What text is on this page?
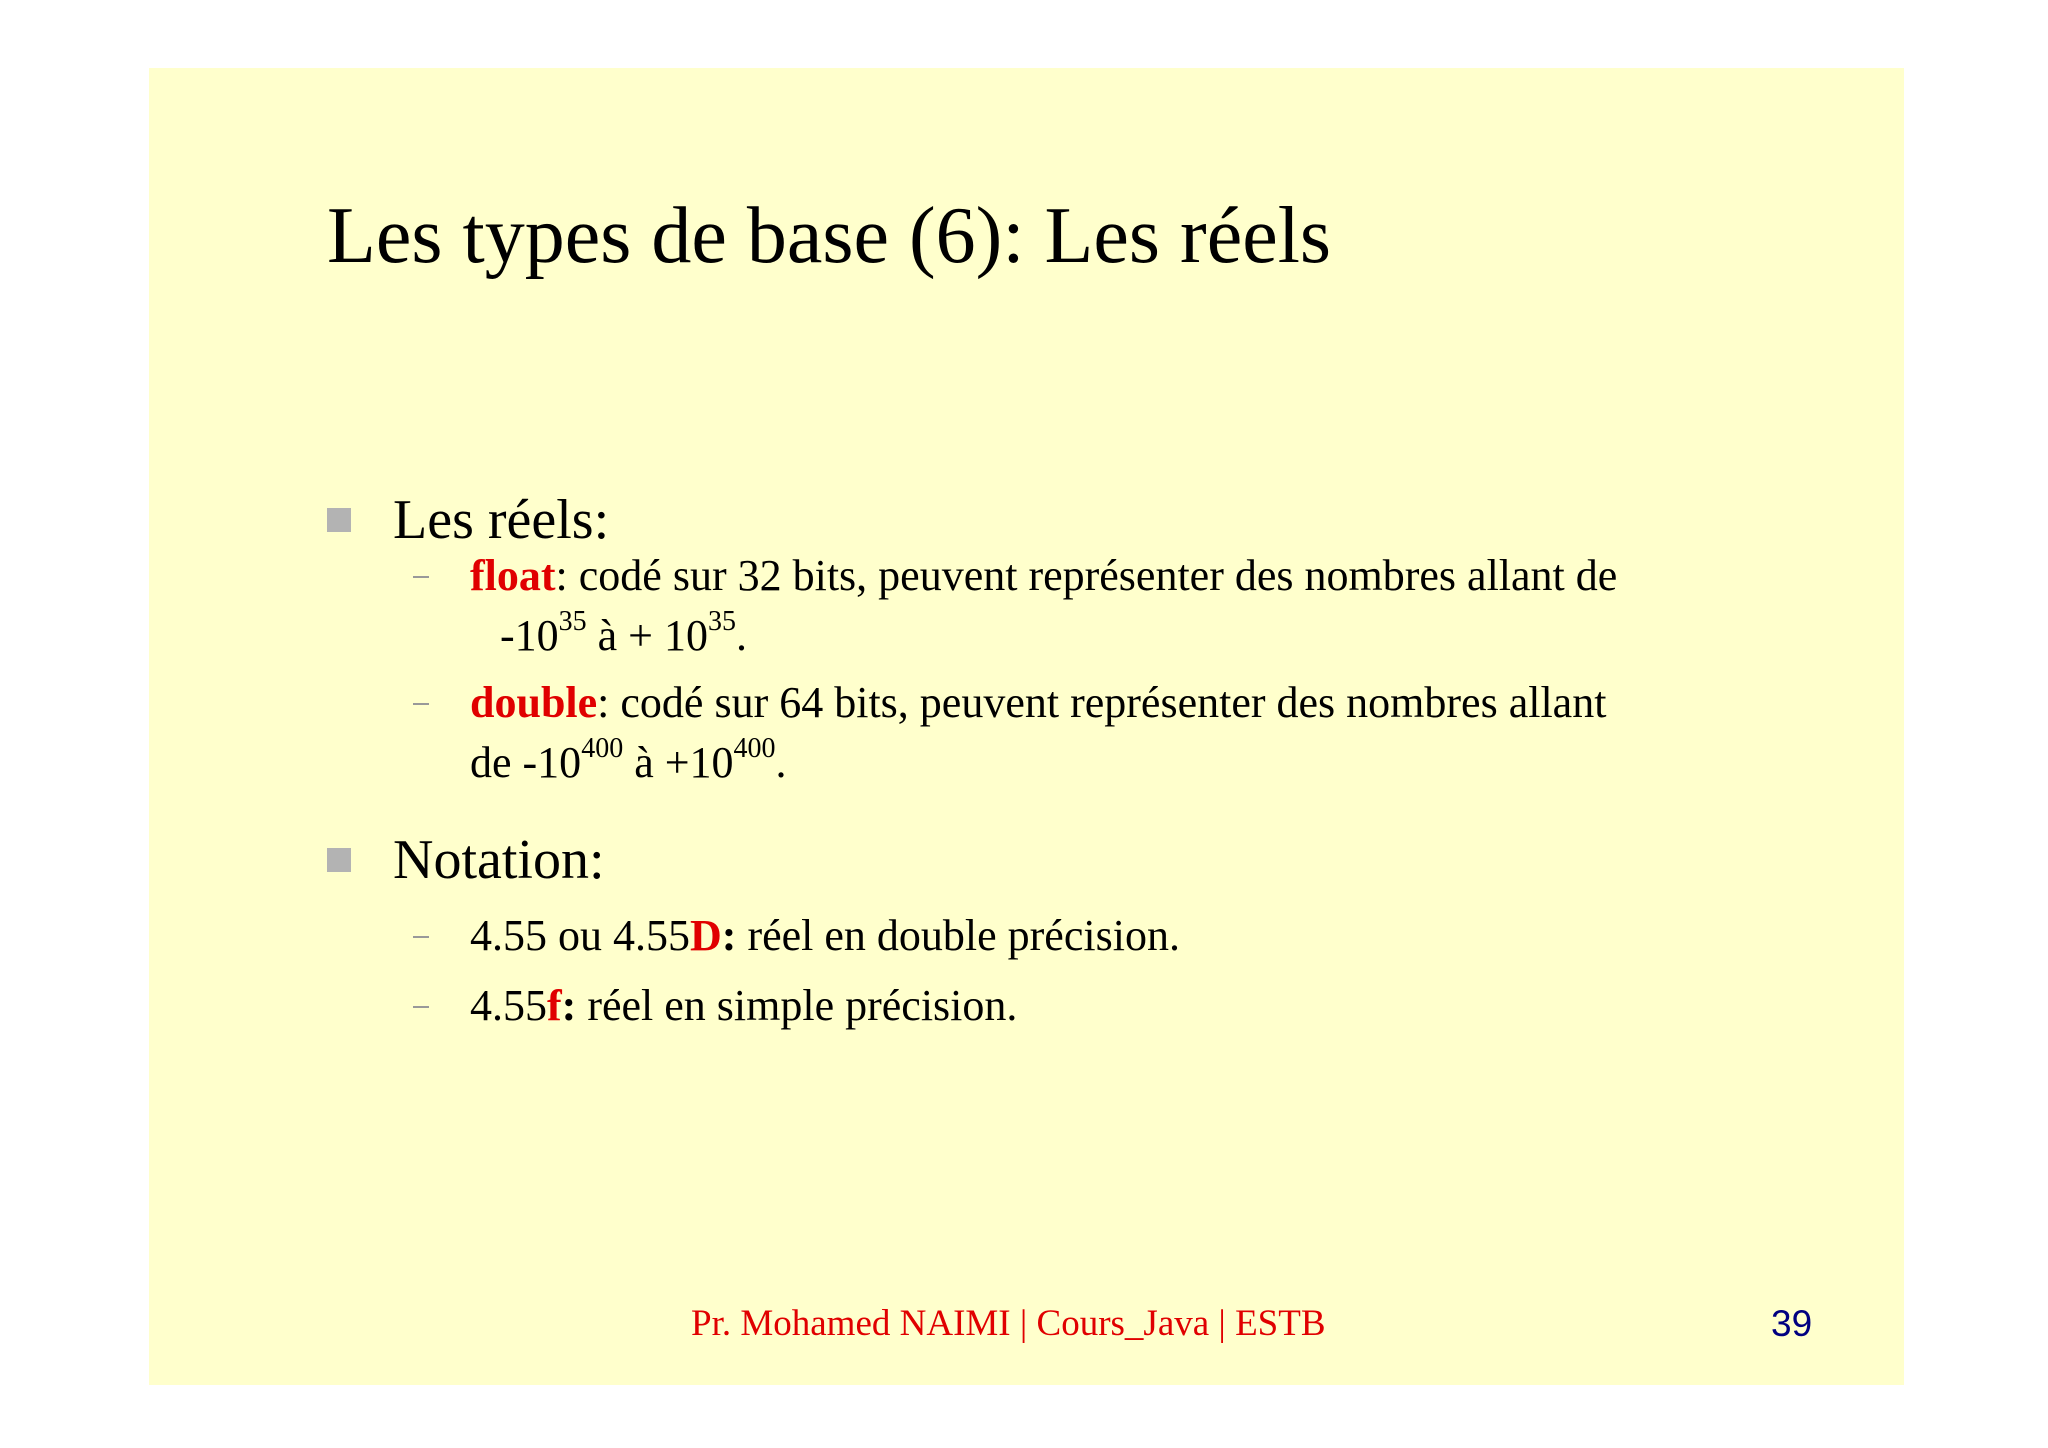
Les types de base (6): Les réels
Les réels:
float: codé sur 32 bits, peuvent représenter des nombres allant de
$-10^{35}$ à + $10^{35}$.
double: codé sur 64 bits, peuvent représenter des nombres allant
de $-10^{400}$ à $+10^{400}$.
Notation:
4.55 ou 4.55D: réel en double précision.
4.55f: réel en simple précision.
Pr. Mohamed NAIMI | Cours_Java | ESTB	39
